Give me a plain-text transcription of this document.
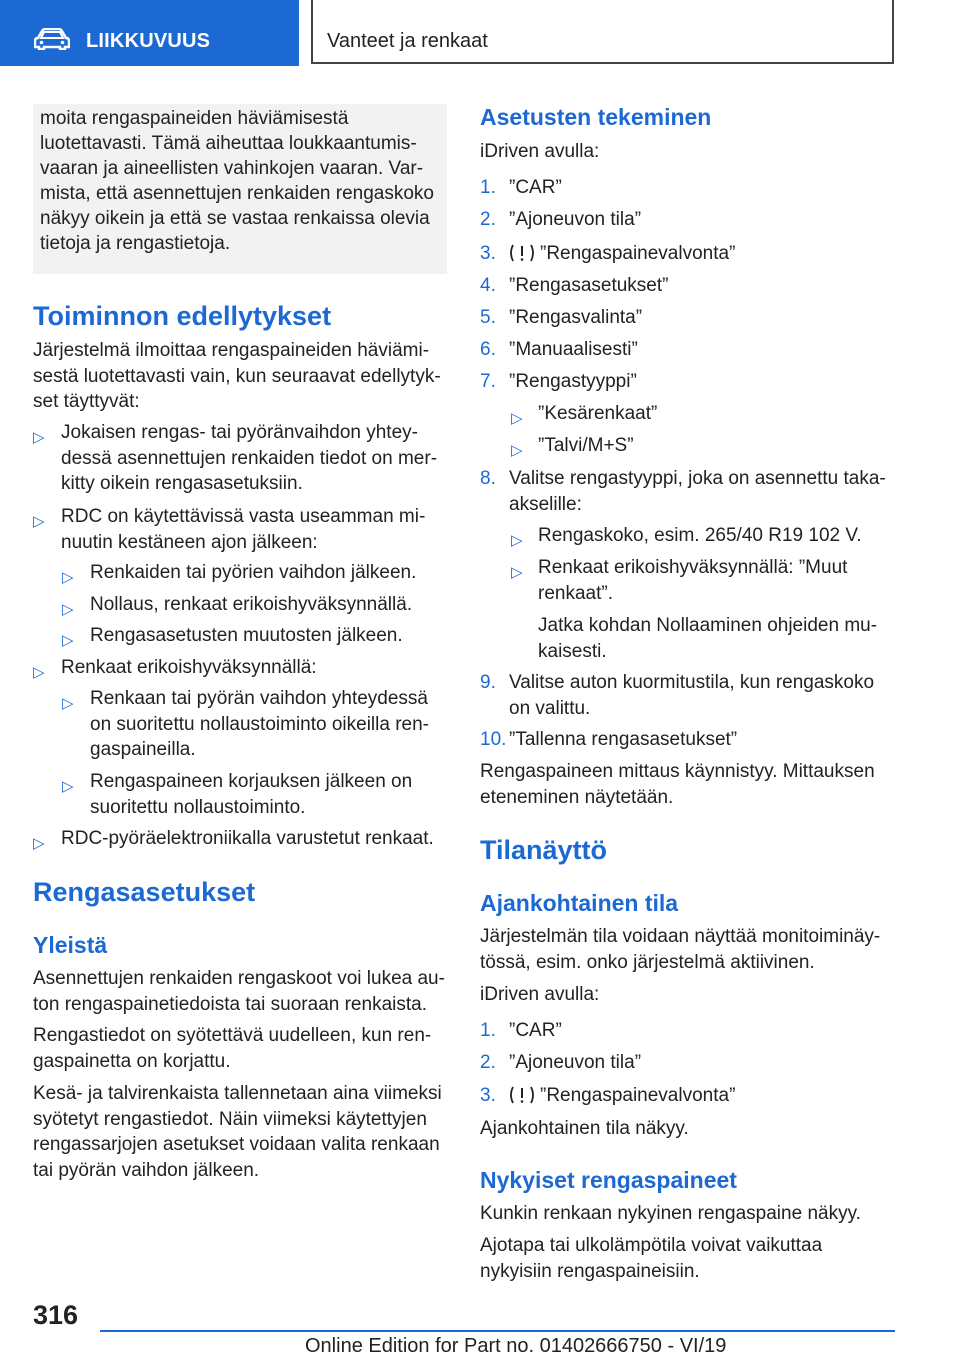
LIIKKUVUUS	Vanteet ja renkaat

moita rengaspaineiden häviämisestä luotettavasti. Tämä aiheuttaa loukkaantumis-vaaran ja aineellisten vahinkojen vaaran. Var-mista, että asennettujen renkaiden rengaskoko näkyy oikein ja että se vastaa renkaissa olevia tietoja ja rengastietoja.

Toiminnon edellytykset

Järjestelmä ilmoittaa rengaspaineiden häviämi-sestä luotettavasti vain, kun seuraavat edellytyk-set täyttyvät:

▷ Jokaisen rengas- tai pyöränvaihdon yhtey-dessä asennettujen renkaiden tiedot on mer-kitty oikein rengasasetuksiin.

▷ RDC on käytettävissä vasta useamman mi-nuutin kestäneen ajon jälkeen:

▷ Renkaiden tai pyörien vaihdon jälkeen.

▷ Nollaus, renkaat erikoishyväksynnällä.

▷ Rengasasetusten muutosten jälkeen.

▷ Renkaat erikoishyväksynnällä:

▷ Renkaan tai pyörän vaihdon yhteydessä on suoritettu nollaustoiminto oikeilla ren-gaspaineilla.

▷ Rengaspaineen korjauksen jälkeen on suoritettu nollaustoiminto.

▷ RDC-pyöräelektroniikalla varustetut renkaat.

Rengasasetukset
Yleistä

Asennettujen renkaiden rengaskoot voi lukea au-ton rengaspainetiedoista tai suoraan renkaista.

Rengastiedot on syötettävä uudelleen, kun ren-gaspainetta on korjattu.

Kesä- ja talvirenkaista tallennetaan aina viimeksi syötetyt rengastiedot. Näin viimeksi käytettyjen rengassarjojen asetukset voidaan valita renkaan tai pyörän vaihdon jälkeen.

Asetusten tekeminen

iDriven avulla:

1. ”CAR”

2. ”Ajoneuvon tila”

3. ”Rengaspainevalvonta”

4. ”Rengasasetukset”

5. ”Rengasvalinta”

6. ”Manuaalisesti”

7. ”Rengastyyppi”

▷ ”Kesärenkaat”

▷ ”Talvi/M+S”

8. Valitse rengastyyppi, joka on asennettu taka-akselille:

▷ Rengaskoko, esim. 265/40 R19 102 V.

▷ Renkaat erikoishyväksynnällä: ”Muut renkaat”.

Jatka kohdan Nollaaminen ohjeiden mu-kaisesti.

9. Valitse auton kuormitustila, kun rengaskoko on valittu.

10. ”Tallenna rengasasetukset”

Rengaspaineen mittaus käynnistyy. Mittauksen eteneminen näytetään.

Tilanäyttö
Ajankohtainen tila

Järjestelmän tila voidaan näyttää monitoiminäy-tössä, esim. onko järjestelmä aktiivinen.

iDriven avulla:

1. ”CAR”

2. ”Ajoneuvon tila”

3. ”Rengaspainevalvonta”

Ajankohtainen tila näkyy.

Nykyiset rengaspaineet

Kunkin renkaan nykyinen rengaspaine näkyy.

Ajotapa tai ulkolämpötila voivat vaikuttaa nykyisiin rengaspaineisiin.

316
Online Edition for Part no. 01402666750 - VI/19
